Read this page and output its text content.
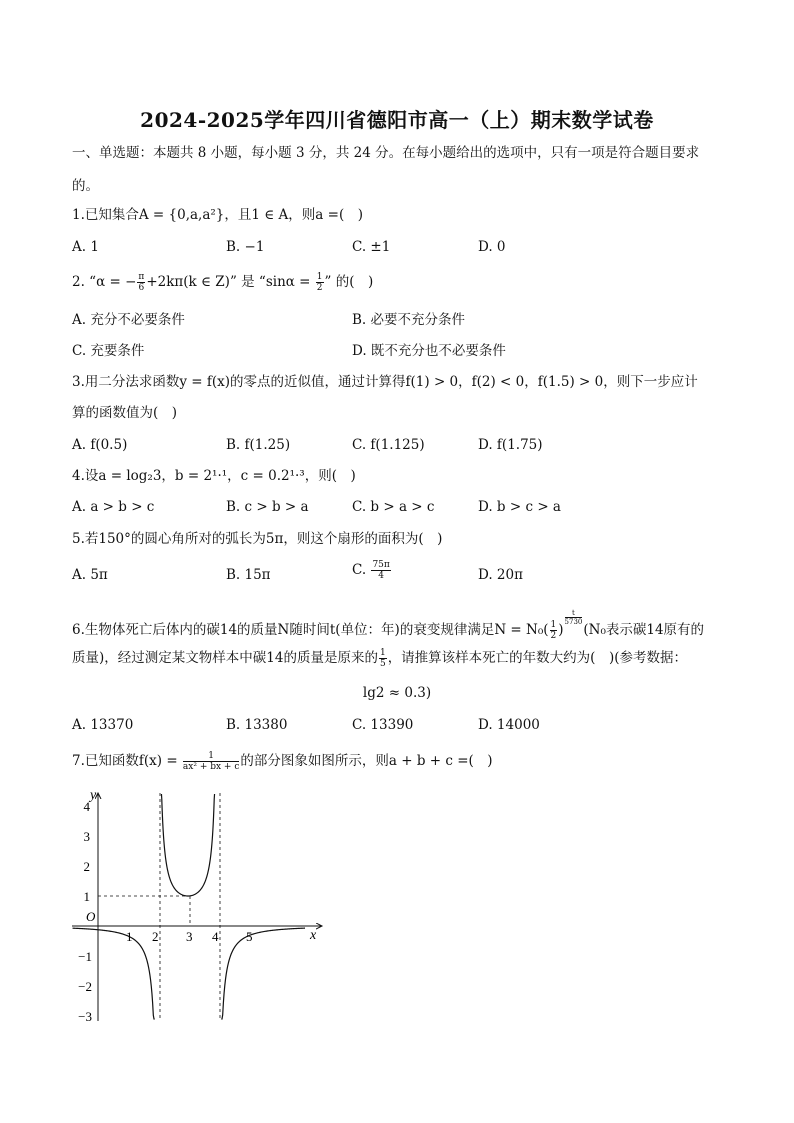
2024-2025学年四川省德阳市高一（上）期末数学试卷
一、单选题：本题共 8 小题，每小题 3 分，共 24 分。在每小题给出的选项中，只有一项是符合题目要求
的。
1.已知集合A = {0,a,a²}，且1 ∈ A，则a =(　)
A. 1	B. −1	C. ±1	D. 0
2. “α = − $\frac{\pi}{6} +2k\pi(k$ ∈ Z)” 是 “$\sin\alpha = \frac{1}{2}$ ” 的(　)
A. 充分不必要条件	B. 必要不充分条件
C. 充要条件	D. 既不充分也不必要条件
3.用二分法求函数y = f(x)的零点的近似值，通过计算得f(1) > 0，f(2) < 0，f(1.5) > 0，则下一步应计
算的函数值为(　)
A. f(0.5)	B. f(1.25)	C. f(1.125)	D. f(1.75)
4.设a = log₂3，b = 2¹·¹，c = 0.2¹·³，则(　)
A. a > b > c	B. c > b > a	C. b > a > c	D. b > c > a
5.若150°的圆心角所对的弧长为5π，则这个扇形的面积为(　)
A. 5π	B. 15π	C. $\frac{75\pi}{4}$	D. 20π
6.生物体死亡后体内的碳14的质量N随时间t(单位：年)的衰变规律满足$N = N_0( \frac{1}{2}$ )
$\frac{t}{5730}$
(N₀表示碳14原有的
质量)，经过测定某文物样本中碳14的质量是原来的 $\frac{1}{5}$ ，请推算该样本死亡的年数大约为(　)(参考数据：
lg2 ≈ 0.3)
A. 13370	B. 13380	C. 13390	D. 14000
7.已知函数$f(x) = \frac{1}{\text{ax² + bx + c}}$ 的部分图象如图所示，则a + b + c =(　)
y
x
O
1 2 3 4 5
4
3
2
1
−1
−2
−3
